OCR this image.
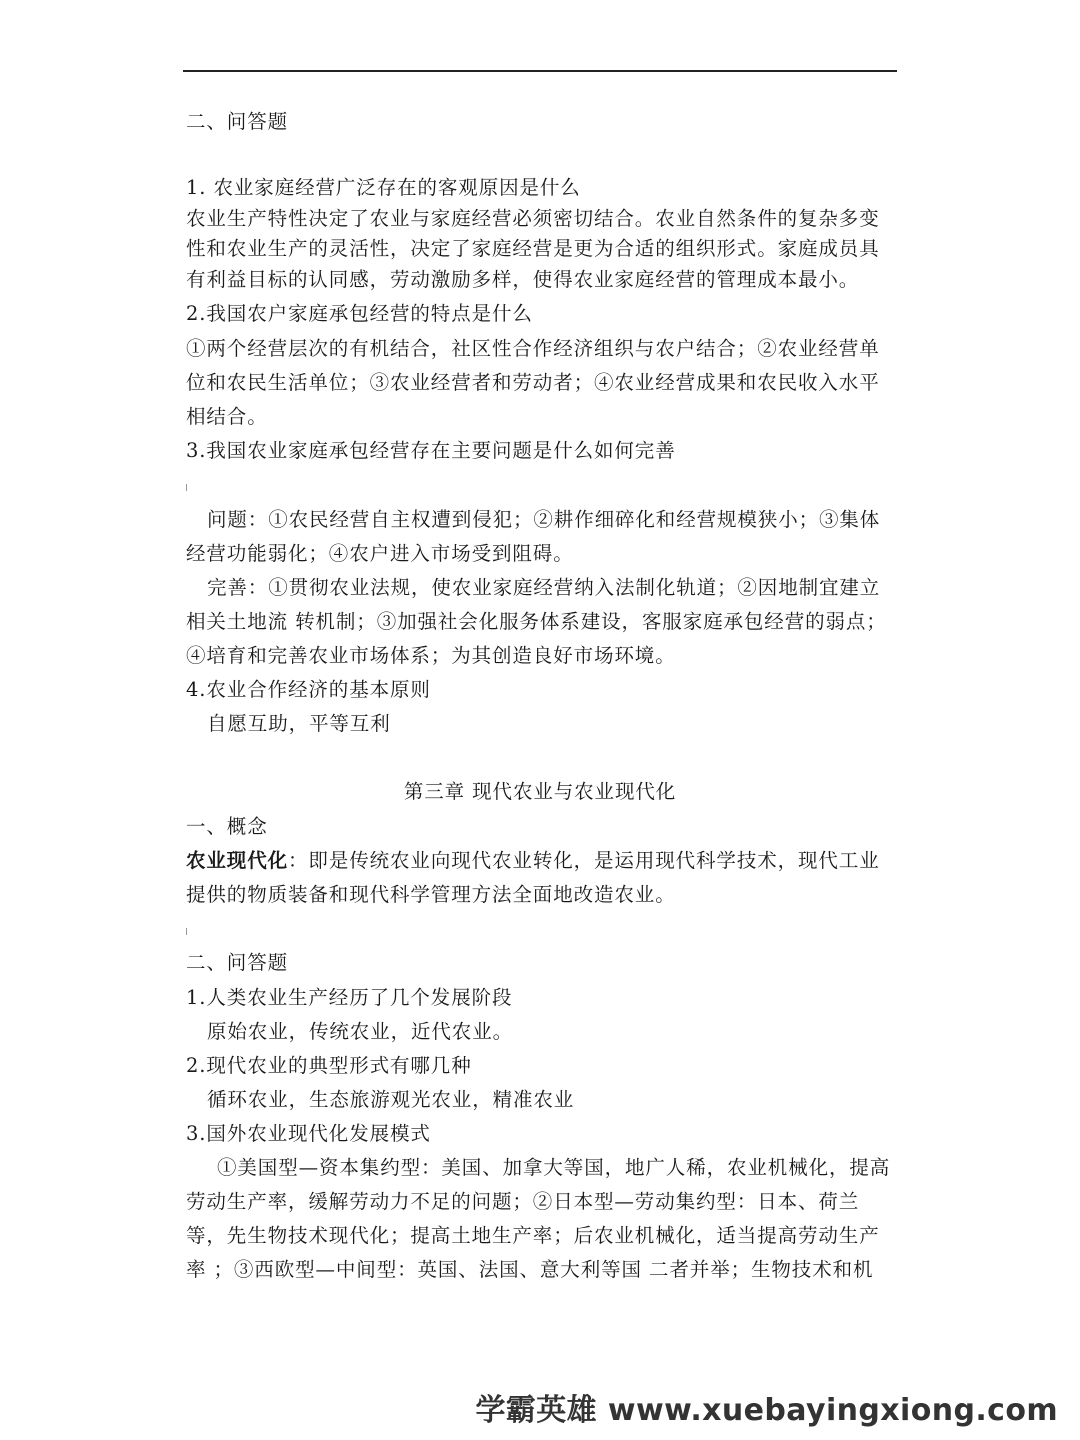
二、问答题
1. 农业家庭经营广泛存在的客观原因是什么
农业生产特性决定了农业与家庭经营必须密切结合。农业自然条件的复杂多变
性和农业生产的灵活性，决定了家庭经营是更为合适的组织形式。家庭成员具
有利益目标的认同感，劳动激励多样，使得农业家庭经营的管理成本最小。
2.我国农户家庭承包经营的特点是什么
①两个经营层次的有机结合，社区性合作经济组织与农户结合；②农业经营单
位和农民生活单位；③农业经营者和劳动者；④农业经营成果和农民收入水平
相结合。
3.我国农业家庭承包经营存在主要问题是什么如何完善
问题：①农民经营自主权遭到侵犯；②耕作细碎化和经营规模狭小；③集体
经营功能弱化；④农户进入市场受到阻碍。
完善：①贯彻农业法规，使农业家庭经营纳入法制化轨道；②因地制宜建立
相关土地流 转机制；③加强社会化服务体系建设，客服家庭承包经营的弱点；
④培育和完善农业市场体系；为其创造良好市场环境。
4.农业合作经济的基本原则
自愿互助，平等互利
第三章 现代农业与农业现代化
一、概念
农业现代化：即是传统农业向现代农业转化，是运用现代科学技术，现代工业
提供的物质装备和现代科学管理方法全面地改造农业。
二、问答题
1.人类农业生产经历了几个发展阶段
原始农业，传统农业，近代农业。
2.现代农业的典型形式有哪几种
循环农业，生态旅游观光农业，精准农业
3.国外农业现代化发展模式
①美国型—资本集约型：美国、加拿大等国，地广人稀，农业机械化，提高
劳动生产率，缓解劳动力不足的问题；②日本型—劳动集约型：日本、荷兰
等，先生物技术现代化；提高土地生产率；后农业机械化，适当提高劳动生产
率 ；③西欧型—中间型：英国、法国、意大利等国 二者并举；生物技术和机
学霸英雄 www.xuebayingxiong.com
